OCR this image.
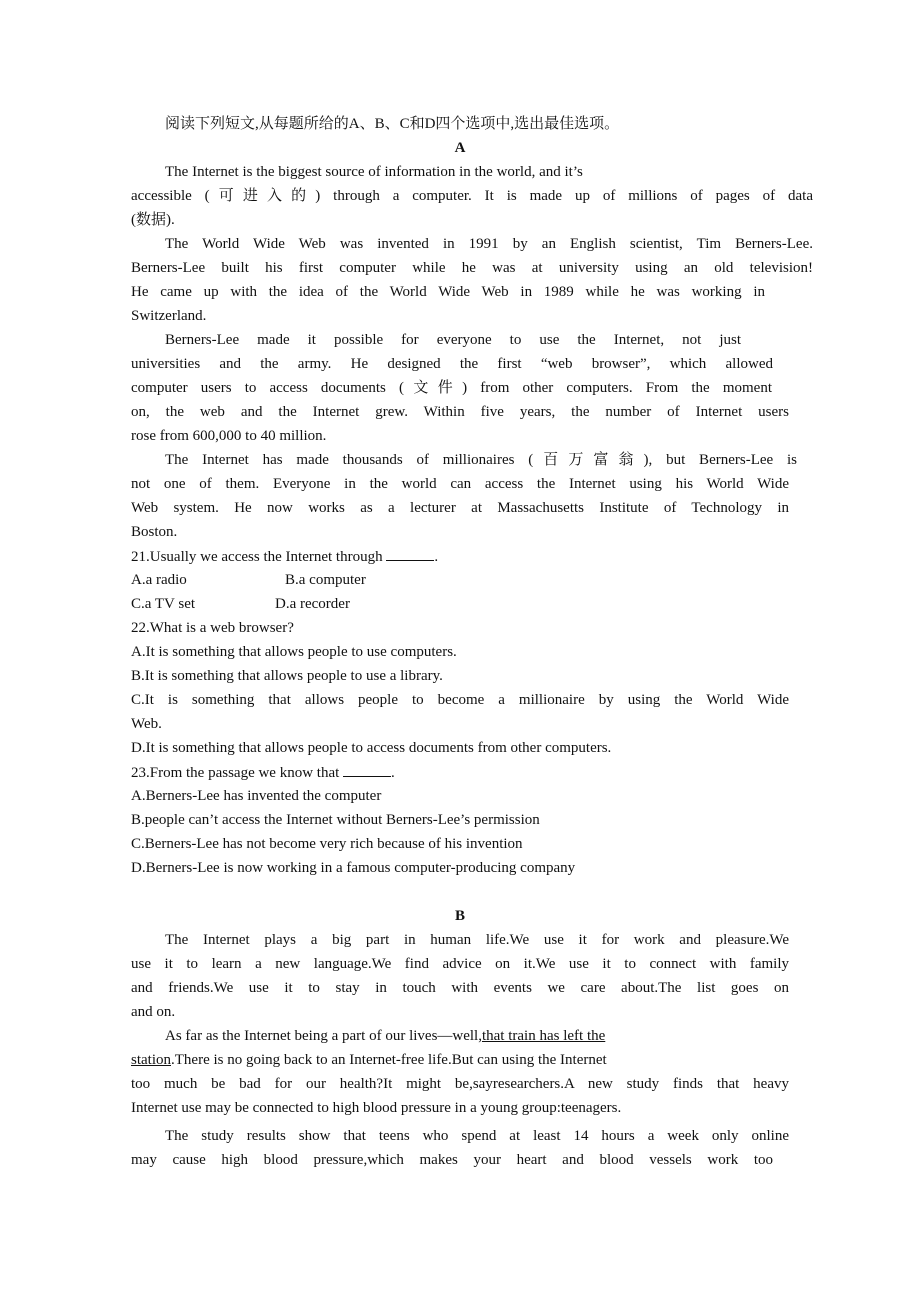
阅读下列短文,从每题所给的A、B、C和D四个选项中,选出最佳选项。
A
The Internet is the biggest source of information in the world, and it’s
accessible (可进入的) through a computer. It is made up of millions of pages of data
(数据).
The World Wide Web was invented in 1991 by an English scientist, Tim Berners-Lee.
Berners-Lee built his first computer while he was at university using an old television!
He came up with the idea of the World Wide Web in 1989 while he was working in
Switzerland.
Berners-Lee made it possible for everyone to use the Internet, not just
universities and the army. He designed the first “web browser”, which allowed
computer users to access documents (文件) from other computers. From the moment
on, the web and the Internet grew. Within five years, the number of Internet users
rose from 600,000 to 40 million.
The Internet has made thousands of millionaires (百万富翁), but Berners-Lee is
not one of them. Everyone in the world can access the Internet using his World Wide
Web system. He now works as a lecturer at Massachusetts Institute of Technology in
Boston.
21.Usually we access the Internet through	.
A.a radio	B.a computer
C.a TV set	D.a recorder
22.What is a web browser?
A.It is something that allows people to use computers.
B.It is something that allows people to use a library.
C.It is something that allows people to become a millionaire by using the World Wide
Web.
D.It is something that allows people to access documents from other computers.
23.From the passage we know that	.
A.Berners-Lee has invented the computer
B.people can’t access the Internet without Berners-Lee’s permission
C.Berners-Lee has not become very rich because of his invention
D.Berners-Lee is now working in a famous computer-producing company
B
The Internet plays a big part in human life.We use it for work and pleasure.We
use it to learn a new language.We find advice on it.We use it to connect with family
and friends.We use it to stay in touch with events we care about.The list goes on
and on.
As far as the Internet being a part of our lives—well,that train has left the
station.There is no going back to an Internet-free life.But can using the Internet
too much be bad for our health?It might be,sayresearchers.A new study finds that heavy
Internet use may be connected to high blood pressure in a young group:teenagers.
The study results show that teens who spend at least 14 hours a week only online
may cause high blood pressure,which makes your heart and blood vessels work too
